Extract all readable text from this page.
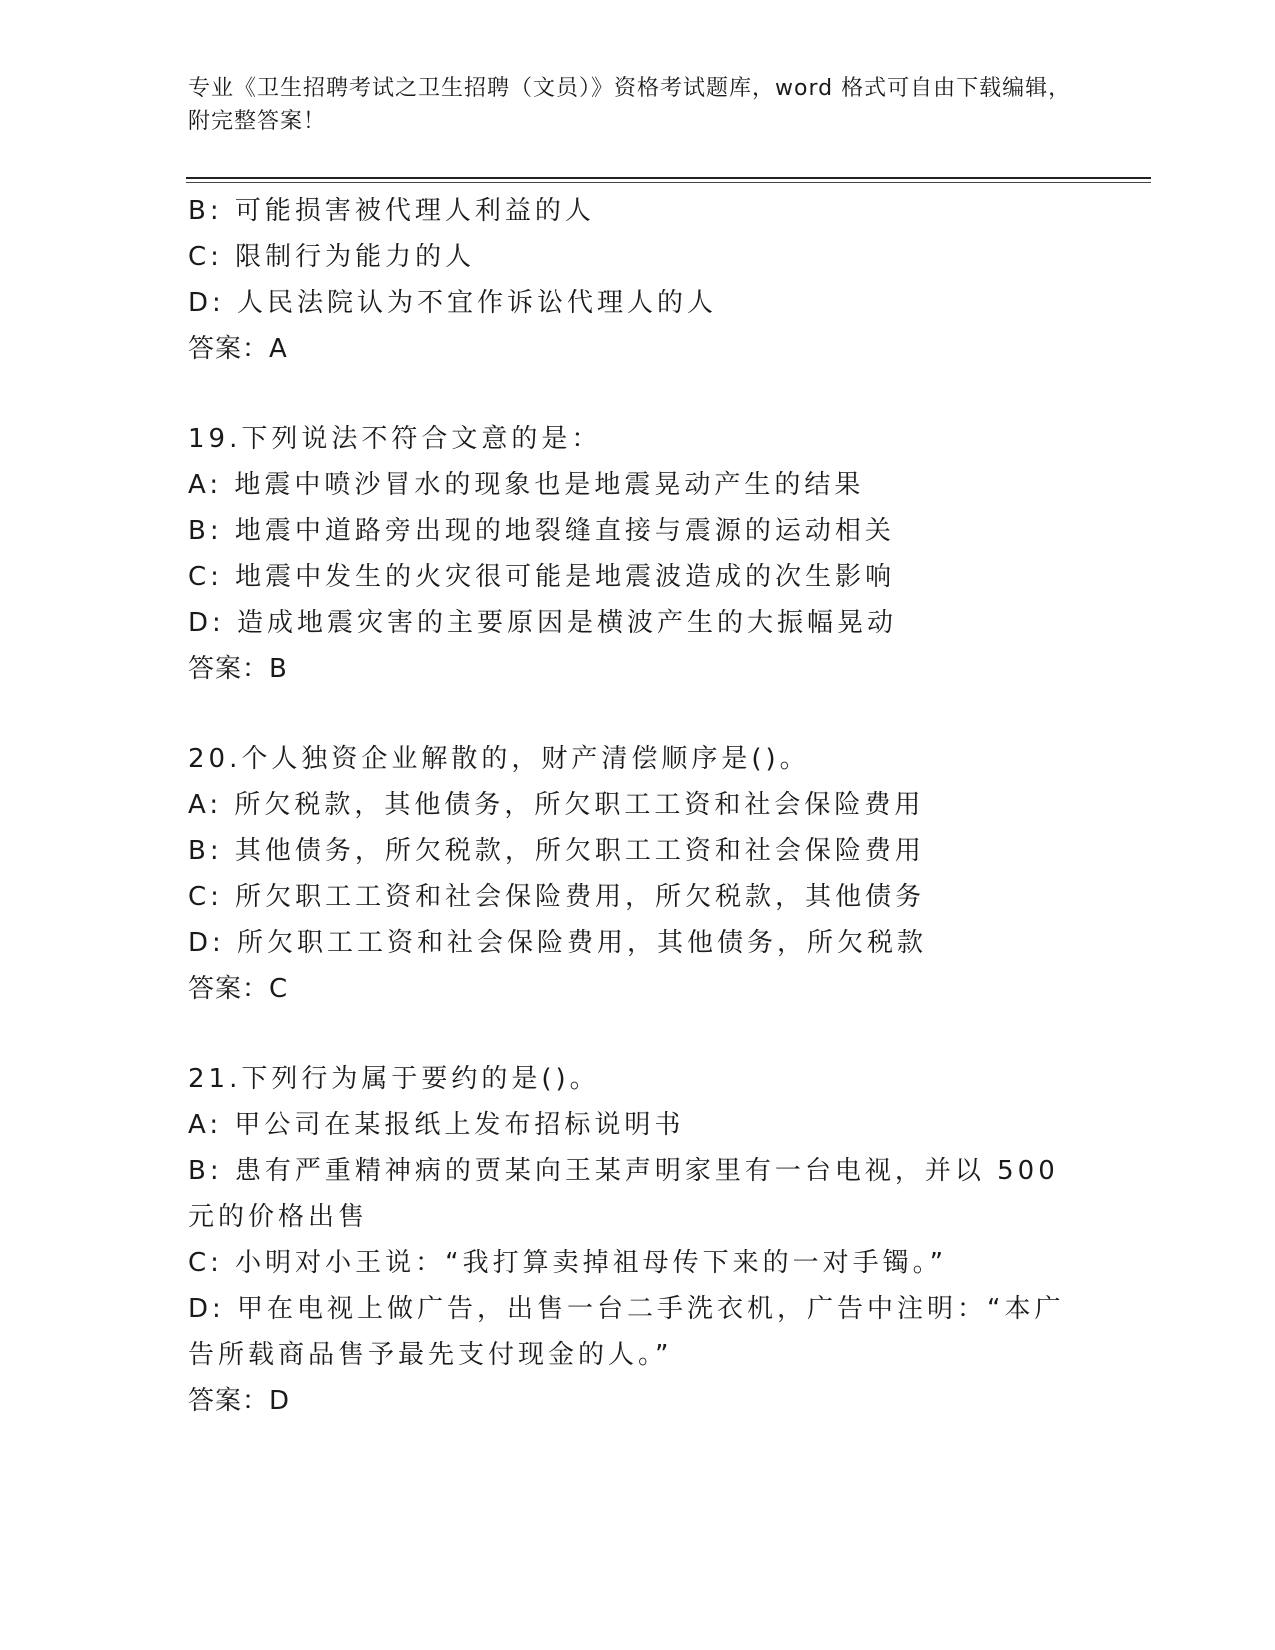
专业《卫生招聘考试之卫生招聘（文员）》资格考试题库，word 格式可自由下载编辑，附完整答案！
B: 可能损害被代理人利益的人
C: 限制行为能力的人
D: 人民法院认为不宜作诉讼代理人的人
答案：A
19.下列说法不符合文意的是：
A: 地震中喷沙冒水的现象也是地震晃动产生的结果
B: 地震中道路旁出现的地裂缝直接与震源的运动相关
C: 地震中发生的火灾很可能是地震波造成的次生影响
D: 造成地震灾害的主要原因是横波产生的大振幅晃动
答案：B
20.个人独资企业解散的，财产清偿顺序是()。
A: 所欠税款，其他债务，所欠职工工资和社会保险费用
B: 其他债务，所欠税款，所欠职工工资和社会保险费用
C: 所欠职工工资和社会保险费用，所欠税款，其他债务
D: 所欠职工工资和社会保险费用，其他债务，所欠税款
答案：C
21.下列行为属于要约的是()。
A: 甲公司在某报纸上发布招标说明书
B: 患有严重精神病的贾某向王某声明家里有一台电视，并以 500 元的价格出售
C: 小明对小王说：“我打算卖掉祖母传下来的一对手镯。”
D: 甲在电视上做广告，出售一台二手洗衣机，广告中注明：“本广告所载商品售予最先支付现金的人。”
答案：D
